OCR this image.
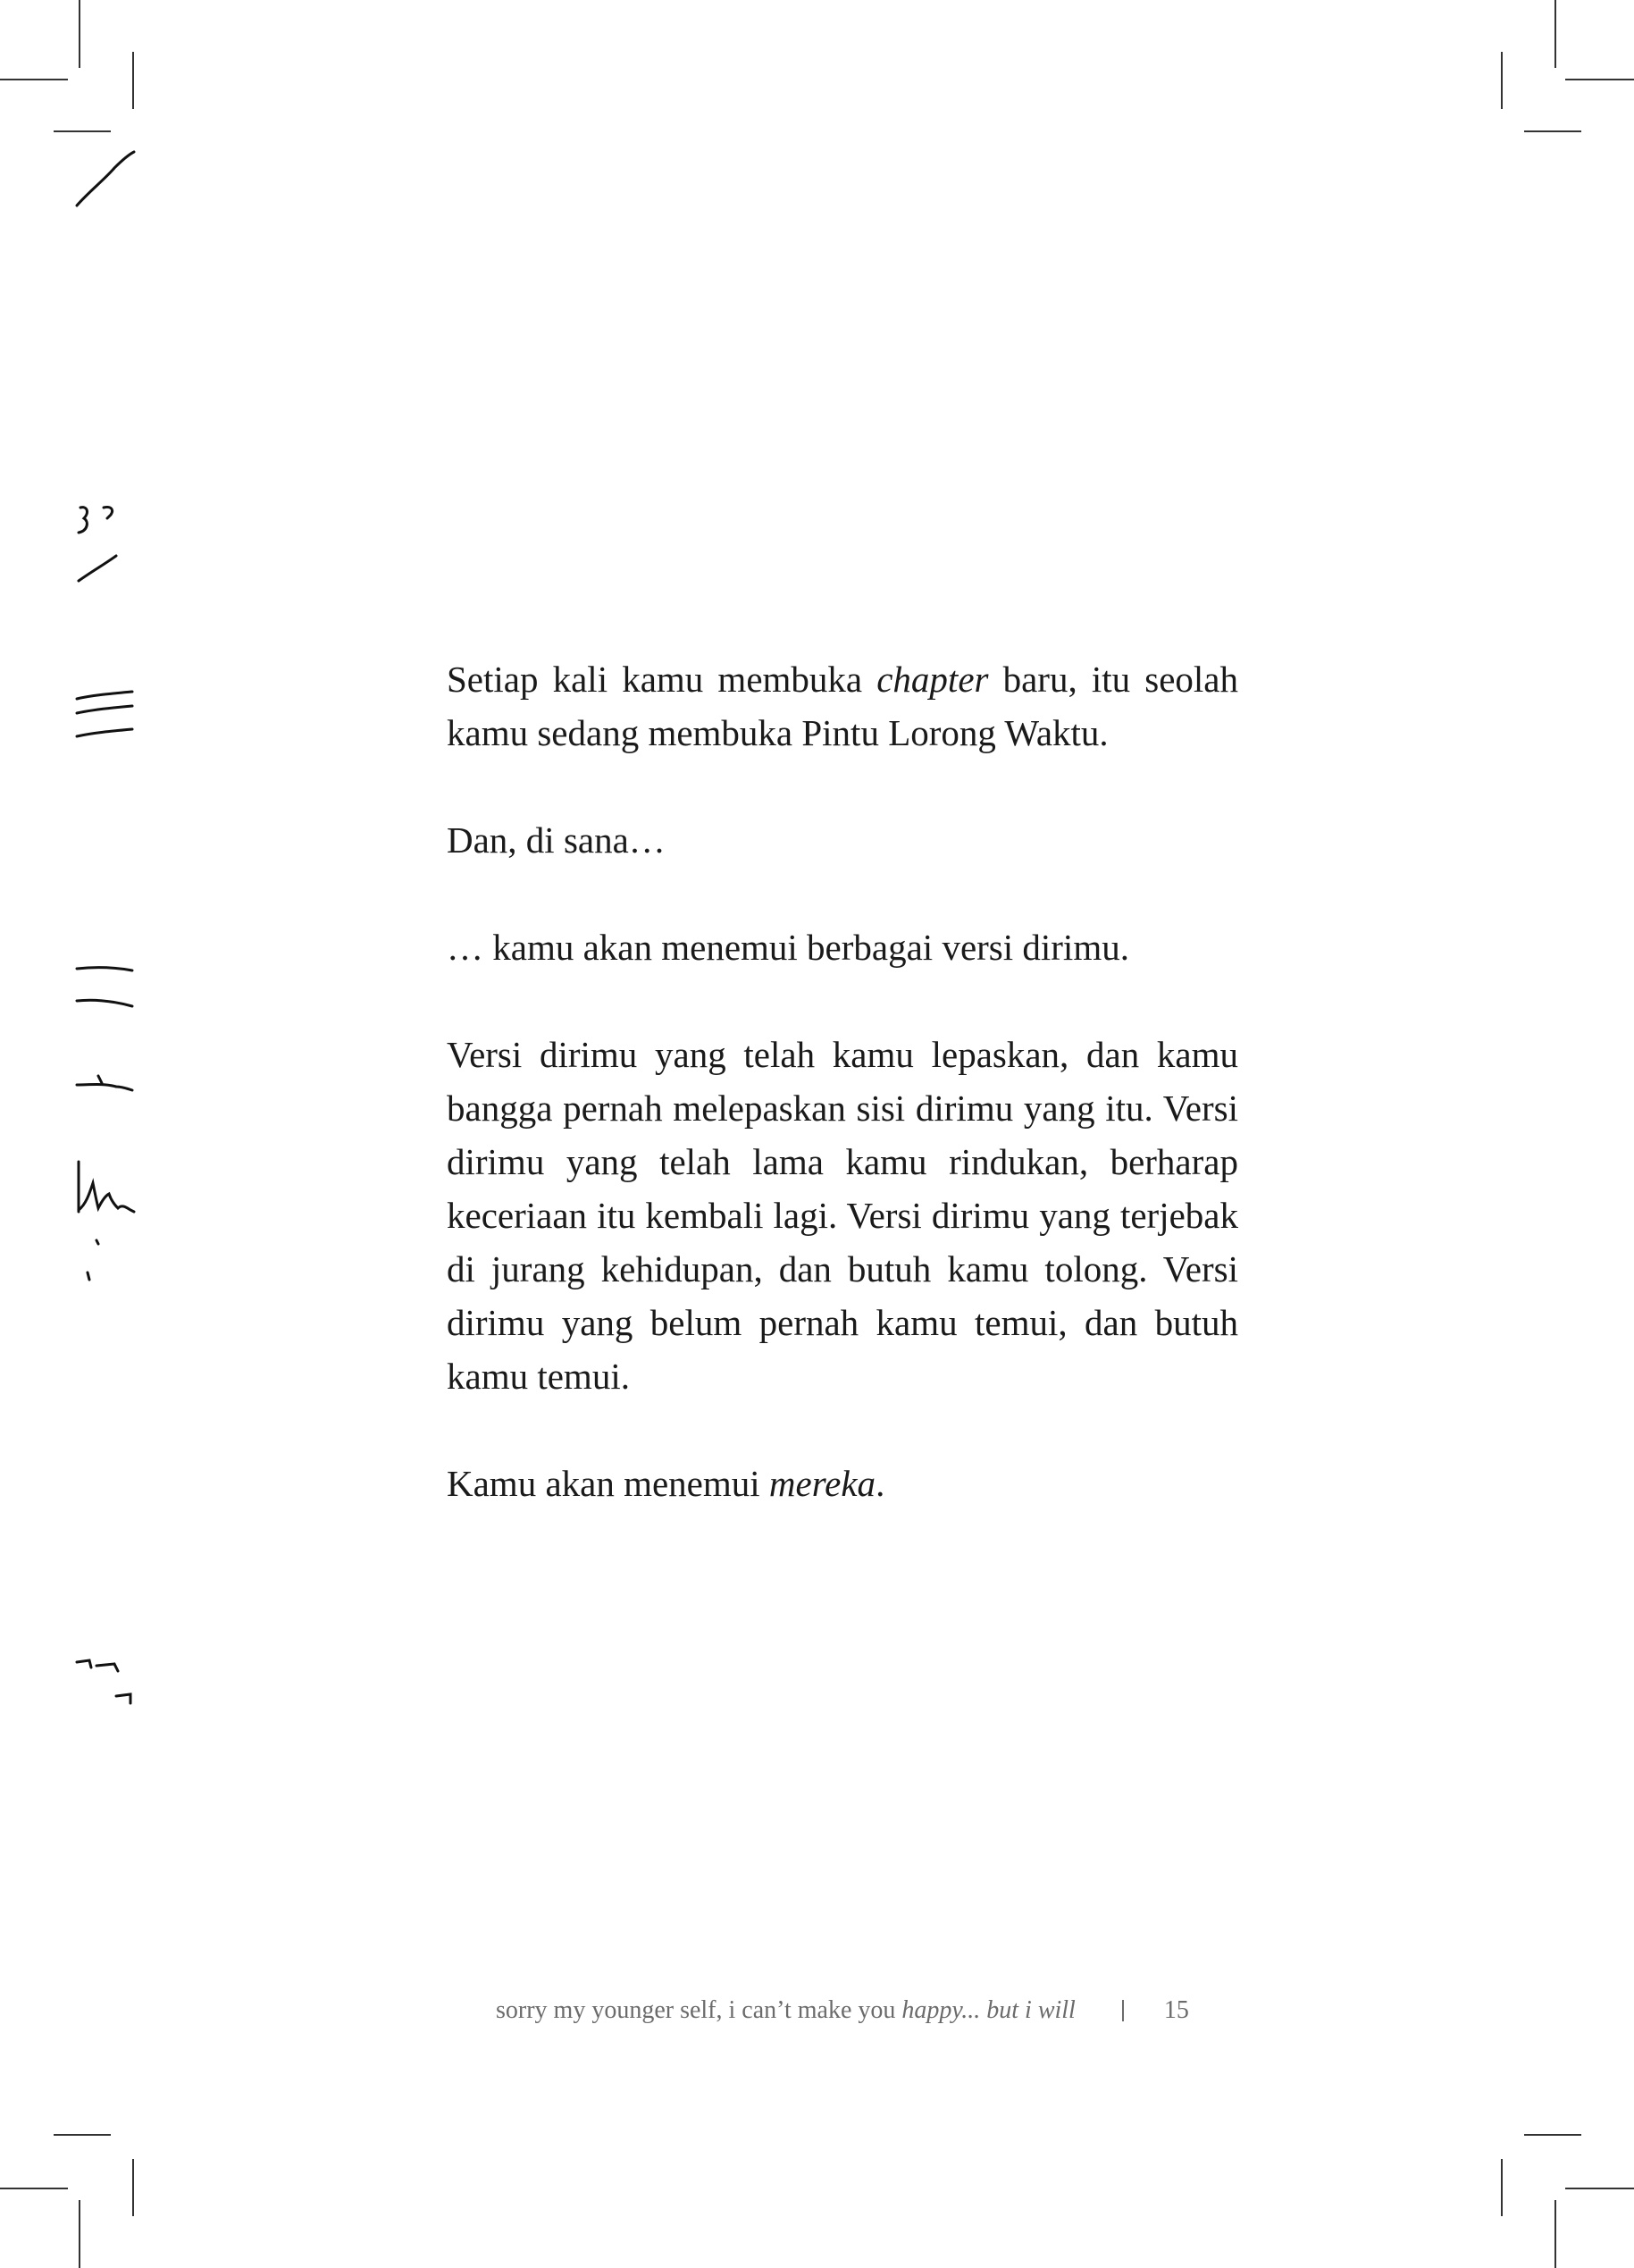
Setiap kali kamu membuka chapter baru, itu seolah kamu sedang membuka Pintu Lorong Waktu.

Dan, di sana…

… kamu akan menemui berbagai versi dirimu.

Versi dirimu yang telah kamu lepaskan, dan kamu bangga pernah melepaskan sisi dirimu yang itu. Versi dirimu yang telah lama kamu rindukan, berharap keceriaan itu kembali lagi. Versi dirimu yang terjebak di jurang kehidupan, dan butuh kamu tolong. Versi dirimu yang belum pernah kamu temui, dan butuh kamu temui.

Kamu akan menemui mereka.

sorry my younger self, i can’t make you happy... but i will	15
